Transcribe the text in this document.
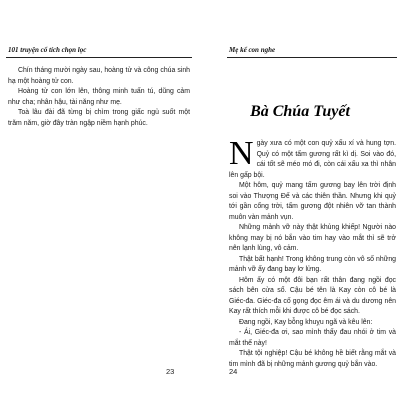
101 truyện cổ tích chọn lọc

Chín tháng mười ngày sau, hoàng tử và công chúa sinh hạ một hoàng tử con.

Hoàng tử con lớn lên, thông minh tuấn tú, dũng cảm như cha; nhân hậu, tài năng như mẹ.

Toà lâu đài đã từng bị chìm trong giấc ngủ suốt một trăm năm, giờ đây tràn ngập niềm hạnh phúc.

23
Mẹ kể con nghe
Bà Chúa Tuyết

Ngày xưa có một con quỷ xấu xí và hung tợn. Quỷ có một tấm gương rất kì dị. Soi vào đó, cái tốt sẽ méo mó đi, còn cái xấu xa thì nhân lên gấp bội.

Một hôm, quỷ mang tấm gương bay lên trời định soi vào Thượng Đế và các thiên thần. Nhưng khi quỷ tới gần cổng trời, tấm gương đột nhiên vỡ tan thành muôn vàn mảnh vụn.

Những mảnh vỡ này thật khủng khiếp! Người nào không may bị nó bắn vào tim hay vào mắt thì sẽ trở nên lạnh lùng, vô cảm.

Thật bất hạnh! Trong không trung còn vô số những mảnh vỡ ấy đang bay lơ lửng.

Hôm ấy có một đôi bạn rất thân đang ngồi đọc sách bên cửa sổ. Cậu bé tên là Kay còn cô bé là Giéc-đa. Giéc-đa cố gọng đọc êm ái và du dương nên Kay rất thích mỗi khi được cô bé đọc sách.

Đang ngồi, Kay bỗng khuỵu ngã và kêu lên:

- Ái, Giéc-đa ơi, sao mình thấy đau nhói ở tim và mắt thế này!

Thật tội nghiệp! Cậu bé không hề biết rằng mắt và tim mình đã bị những mảnh gương quỷ bắn vào.

24
